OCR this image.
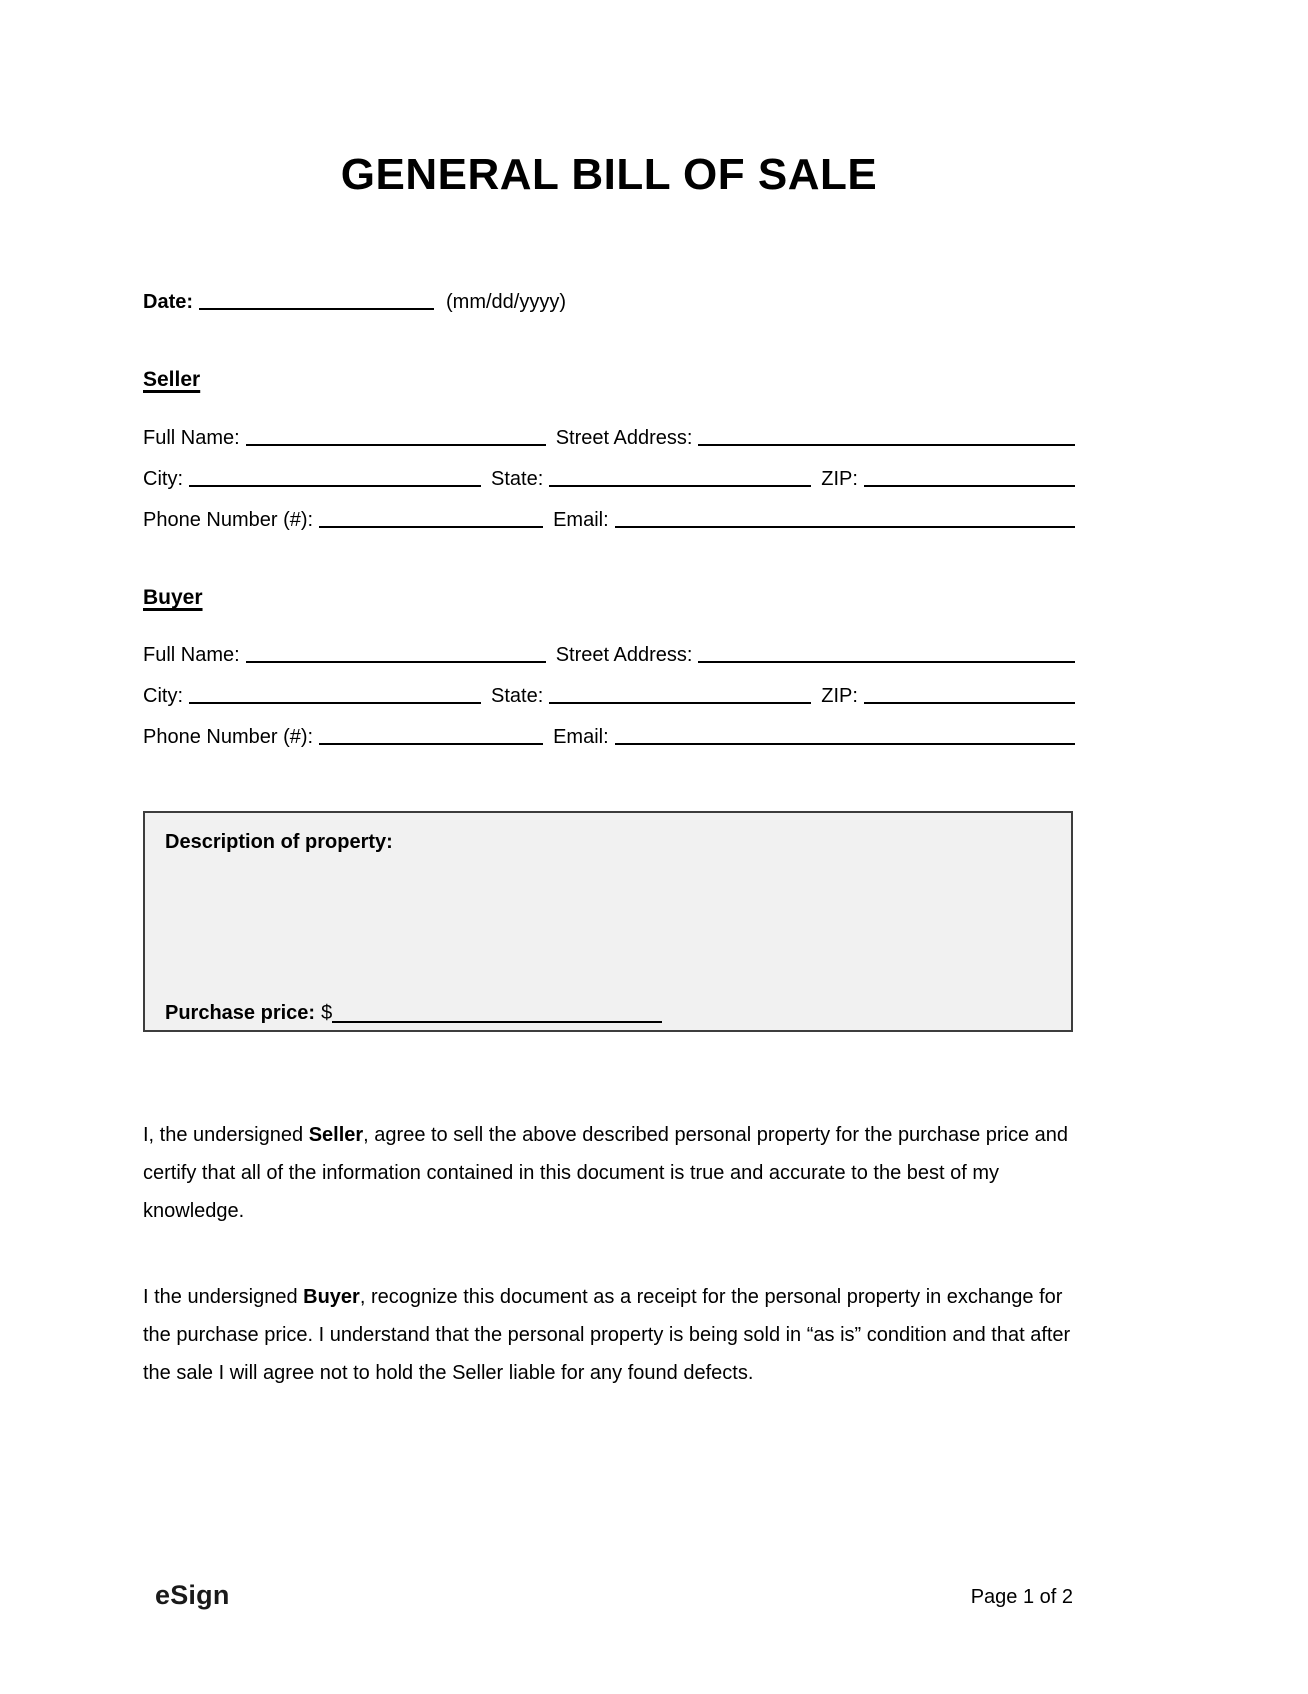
GENERAL BILL OF SALE
Date:	(mm/dd/yyyy)
Seller
Full Name:	Street Address:
City:	State:	ZIP:
Phone Number (#):	Email:
Buyer
Full Name:	Street Address:
City:	State:	ZIP:
Phone Number (#):	Email:
Description of property:
Purchase price: $
I, the undersigned Seller, agree to sell the above described personal property for the purchase price and certify that all of the information contained in this document is true and accurate to the best of my knowledge.
I the undersigned Buyer, recognize this document as a receipt for the personal property in exchange for the purchase price. I understand that the personal property is being sold in “as is” condition and that after the sale I will agree not to hold the Seller liable for any found defects.
eSign	Page 1 of 2
